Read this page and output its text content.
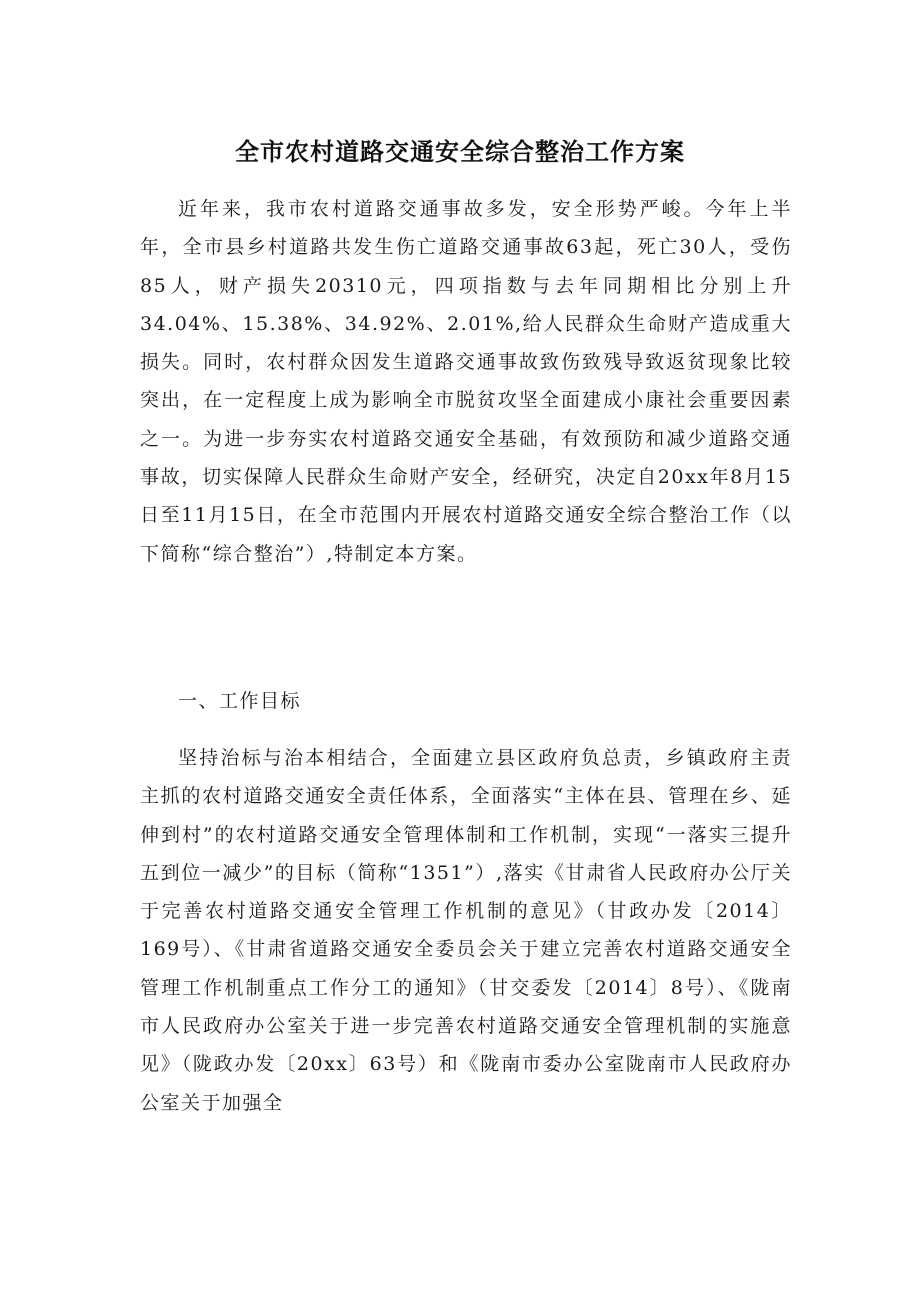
全市农村道路交通安全综合整治工作方案

近年来，我市农村道路交通事故多发，安全形势严峻。今年上半年，全市县乡村道路共发生伤亡道路交通事故63起，死亡30人，受伤85人，财产损失20310元，四项指数与去年同期相比分别上升34.04%、15.38%、34.92%、2.01%,给人民群众生命财产造成重大损失。同时，农村群众因发生道路交通事故致伤致残导致返贫现象比较突出，在一定程度上成为影响全市脱贫攻坚全面建成小康社会重要因素之一。为进一步夯实农村道路交通安全基础，有效预防和减少道路交通事故，切实保障人民群众生命财产安全，经研究，决定自20xx年8月15日至11月15日，在全市范围内开展农村道路交通安全综合整治工作（以下简称“综合整治”）,特制定本方案。

一、工作目标

坚持治标与治本相结合，全面建立县区政府负总责，乡镇政府主责主抓的农村道路交通安全责任体系，全面落实“主体在县、管理在乡、延伸到村”的农村道路交通安全管理体制和工作机制，实现“一落实三提升五到位一减少”的目标（简称“1351”）,落实《甘肃省人民政府办公厅关于完善农村道路交通安全管理工作机制的意见》（甘政办发〔2014〕169号）、《甘肃省道路交通安全委员会关于建立完善农村道路交通安全管理工作机制重点工作分工的通知》（甘交委发〔2014〕8号）、《陇南市人民政府办公室关于进一步完善农村道路交通安全管理机制的实施意见》（陇政办发〔20xx〕63号）和《陇南市委办公室陇南市人民政府办公室关于加强全
